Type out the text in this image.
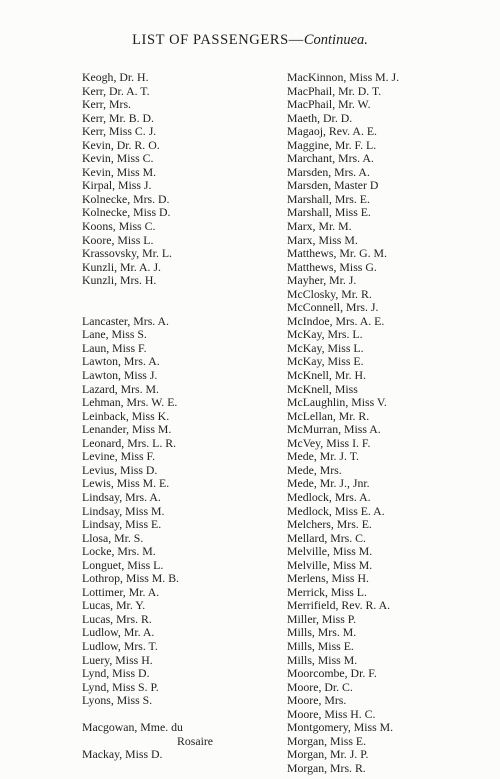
LIST OF PASSENGERS—Continuea.
Keogh, Dr. H.
Kerr, Dr. A. T.
Kerr, Mrs.
Kerr, Mr. B. D.
Kerr, Miss C. J.
Kevin, Dr. R. O.
Kevin, Miss C.
Kevin, Miss M.
Kirpal, Miss J.
Kolnecke, Mrs. D.
Kolnecke, Miss D.
Koons, Miss C.
Koore, Miss L.
Krassovsky, Mr. L.
Kunzli, Mr. A. J.
Kunzli, Mrs. H.
Lancaster, Mrs. A.
Lane, Miss S.
Laun, Miss F.
Lawton, Mrs. A.
Lawton, Miss J.
Lazard, Mrs. M.
Lehman, Mrs. W. E.
Leinback, Miss K.
Lenander, Miss M.
Leonard, Mrs. L. R.
Levine, Miss F.
Levius, Miss D.
Lewis, Miss M. E.
Lindsay, Mrs. A.
Lindsay, Miss M.
Lindsay, Miss E.
Llosa, Mr. S.
Locke, Mrs. M.
Longuet, Miss L.
Lothrop, Miss M. B.
Lottimer, Mr. A.
Lucas, Mr. Y.
Lucas, Mrs. R.
Ludlow, Mr. A.
Ludlow, Mrs. T.
Luery, Miss H.
Lynd, Miss D.
Lynd, Miss S. P.
Lyons, Miss S.
Macgowan, Mme. du
Rosaire
Mackay, Miss D.
MacKinnon, Miss M. J.
MacPhail, Mr. D. T.
MacPhail, Mr. W.
Maeth, Dr. D.
Magaoj, Rev. A. E.
Maggine, Mr. F. L.
Marchant, Mrs. A.
Marsden, Mrs. A.
Marsden, Master D
Marshall, Mrs. E.
Marshall, Miss E.
Marx, Mr. M.
Marx, Miss M.
Matthews, Mr. G. M.
Matthews, Miss G.
Mayher, Mr. J.
McClosky, Mr. R.
McConnell, Mrs. J.
McIndoe, Mrs. A. E.
McKay, Mrs. L.
McKay, Miss L.
McKay, Miss E.
McKnell, Mr. H.
McKnell, Miss
McLaughlin, Miss V.
McLellan, Mr. R.
McMurran, Miss A.
McVey, Miss I. F.
Mede, Mr. J. T.
Mede, Mrs.
Mede, Mr. J., Jnr.
Medlock, Mrs. A.
Medlock, Miss E. A.
Melchers, Mrs. E.
Mellard, Mrs. C.
Melville, Miss M.
Melville, Miss M.
Merlens, Miss H.
Merrick, Miss L.
Merrifield, Rev. R. A.
Miller, Miss P.
Mills, Mrs. M.
Mills, Miss E.
Mills, Miss M.
Moorcombe, Dr. F.
Moore, Dr. C.
Moore, Mrs.
Moore, Miss H. C.
Montgomery, Miss M.
Morgan, Miss E.
Morgan, Mr. J. P.
Morgan, Mrs. R.
